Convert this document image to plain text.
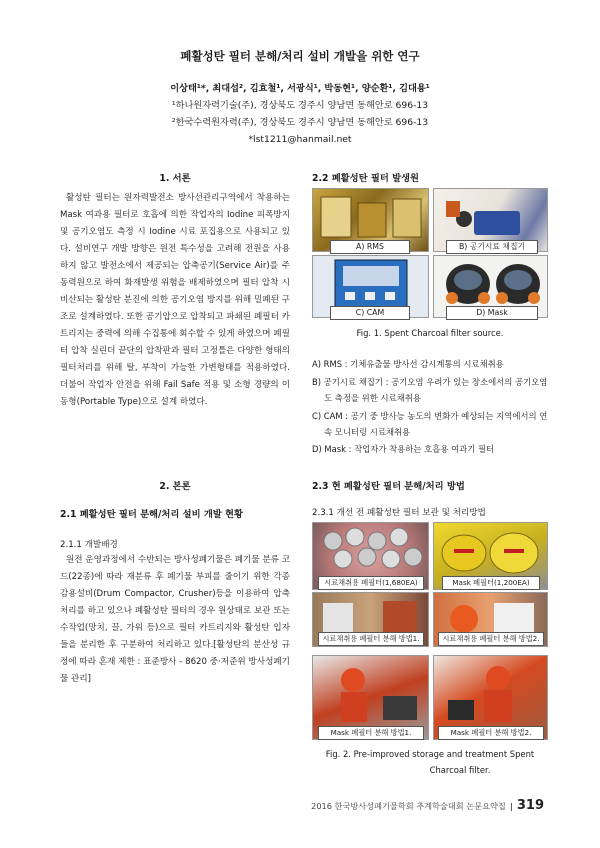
폐활성탄 필터 분해/처리 설비 개발을 위한 연구
이상태¹*, 최대섭², 김효철¹, 서광식¹, 박동현¹, 양순환¹, 김대용¹
¹하나원자력기술(주), 경상북도 경주시 양남면 동해안로 696-13
²한국수력원자력(주), 경상북도 경주시 양남면 동해안로 696-13
*lst1211@hanmail.net
1. 서론

활성탄 필터는 원자력발전소 방사선관리구역에서 착용하는 Mask 여과용 필터로 호흡에 의한 작업자의 Iodine 피폭방지 및 공기오염도 측정 시 Iodine 시료 포집용으로 사용되고 있다. 설비연구 개발 방향은 원전 특수성을 고려해 전원을 사용하지 않고 발전소에서 제공되는 압축공기(Service Air)를 주동력원으로 하여 화재발생 위험을 배제하였으며 필터 압착 시 비산되는 활성탄 분진에 의한 공기오염 방지를 위해 밀폐된 구조로 설계하였다. 또한 공기압으로 압착되고 파쇄된 폐필터 카트리지는 중력에 의해 수집통에 회수할 수 있게 하였으며 폐필터 압착 실린더 끝단의 압착판과 필터 고정틀은 다양한 형태의 필터처리를 위해 탈, 부착이 가능한 가변형태를 적용하였다. 더불어 작업자 안전을 위해 Fail Safe 적용 및 소형 경량의 이동형(Portable Type)으로 설계 하였다.

2. 본론
2.1 폐활성탄 필터 분해/처리 설비 개발 현황
2.1.1 개발배경

원전 운영과정에서 수반되는 방사성폐기물은 폐기물 분류 코드(22종)에 따라 재분류 후 폐기물 부피를 줄이기 위한 각종 감용설비(Drum Compactor, Crusher)등을 이용하여 압축처리를 하고 있으나 폐활성탄 필터의 경우 원상태로 보관 또는 수작업(망치, 끌, 가위 등)으로 필터 카트리지와 활성탄 입자들을 분리한 후 구분하여 처리하고 있다.[활성탄의 분산성 규정에 따라 혼재 제한 : 표준방사 - 8620 중·저준위 방사성폐기물 관리]

2.2 폐활성탄 필터 발생원
A) RMS	B) 공기시료 채집기
C) CAM	D) Mask
Fig. 1. Spent Charcoal filter source.
A) RMS : 기체유출물 방사선 감시계통의 시료채취용
B) 공기시료 채집기 : 공기오염 우려가 있는 장소에서의 공기오염도 측정을 위한 시료채취용
C) CAM : 공기 중 방사능 농도의 변화가 예상되는 지역에서의 연속 모니터링 시료채취용
D) Mask : 작업자가 착용하는 호흡용 여과기 필터
2.3 현 폐활성탄 필터 분해/처리 방법
2.3.1 개선 전 폐활성탄 필터 보관 및 처리방법
시료채취용 폐필터(1,680EA)	Mask 폐필터(1,200EA)
시료채취용 폐필터 분해 방법1.	시료채취용 폐필터 분해 방법2.
Mask 폐필터 분해 방법1.	Mask 폐필터 분해 방법2.
Fig. 2. Pre-improved storage and treatment Spent
Charcoal filter.
2016 한국방사성폐기물학회 추계학술대회 논문요약집 | 319
